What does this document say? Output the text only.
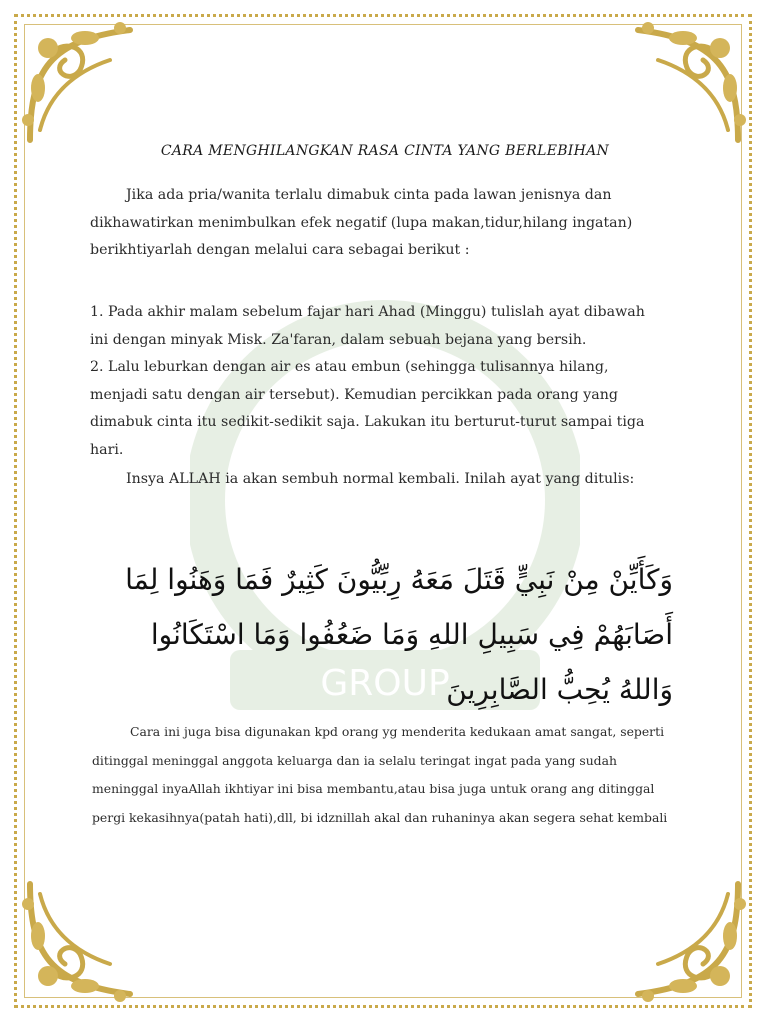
GROUP
CARA MENGHILANGKAN RASA CINTA YANG BERLEBIHAN
Jika ada pria/wanita terlalu dimabuk cinta pada lawan jenisnya dan dikhawatirkan menimbulkan efek negatif (lupa makan,tidur,hilang ingatan) berikhtiyarlah dengan melalui cara sebagai berikut :
1. Pada akhir malam sebelum fajar hari Ahad (Minggu) tulislah ayat dibawah ini dengan minyak Misk. Za'faran, dalam sebuah bejana yang bersih.
2. Lalu leburkan dengan air es atau embun (sehingga tulisannya hilang, menjadi satu dengan air tersebut). Kemudian percikkan pada orang yang dimabuk cinta itu sedikit-sedikit saja. Lakukan itu berturut-turut sampai tiga hari.
Insya ALLAH ia akan sembuh normal kembali. Inilah ayat yang ditulis:
وَكَأَيِّنْ مِنْ نَبِيٍّ قَتَلَ مَعَهُ رِبِّيُّونَ كَثِيرٌ فَمَا وَهَنُوا لِمَا أَصَابَهُمْ فِي سَبِيلِ اللهِ وَمَا ضَعُفُوا وَمَا اسْتَكَانُوا وَاللهُ يُحِبُّ الصَّابِرِينَ
Cara ini juga bisa digunakan kpd orang yg menderita kedukaan amat sangat, seperti ditinggal meninggal anggota keluarga dan ia selalu teringat ingat pada yang sudah meninggal inyaAllah ikhtiyar ini bisa membantu,atau bisa juga untuk orang ang ditinggal pergi kekasihnya(patah hati),dll, bi idznillah akal dan ruhaninya akan segera sehat kembali
